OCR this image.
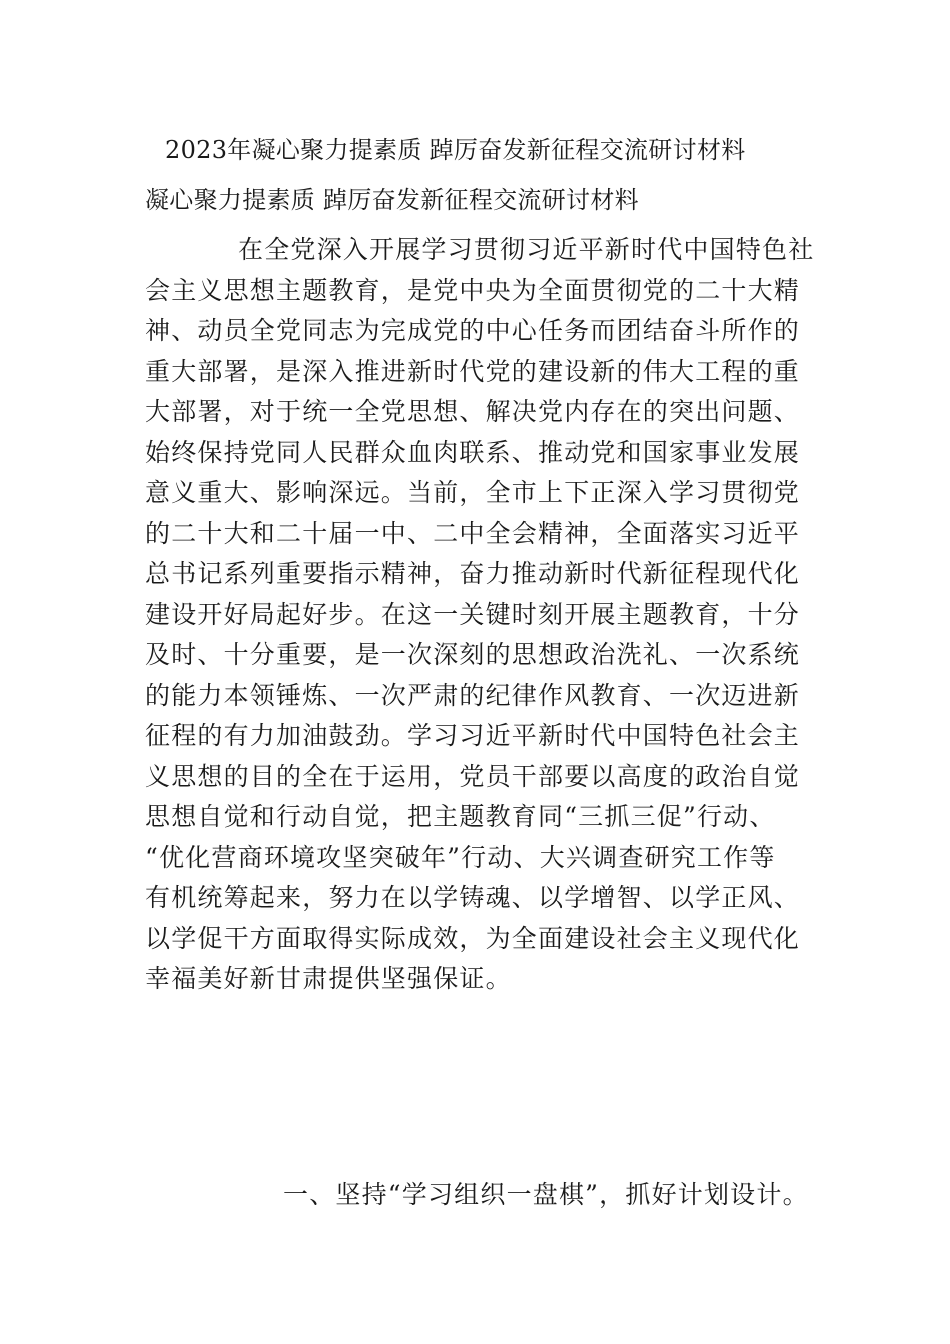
2023年凝心聚力提素质 踔厉奋发新征程交流研讨材料
凝心聚力提素质 踔厉奋发新征程交流研讨材料
在全党深入开展学习贯彻习近平新时代中国特色社
会主义思想主题教育，是党中央为全面贯彻党的二十大精
神、动员全党同志为完成党的中心任务而团结奋斗所作的
重大部署，是深入推进新时代党的建设新的伟大工程的重
大部署，对于统一全党思想、解决党内存在的突出问题、
始终保持党同人民群众血肉联系、推动党和国家事业发展
意义重大、影响深远。当前，全市上下正深入学习贯彻党
的二十大和二十届一中、二中全会精神，全面落实习近平
总书记系列重要指示精神，奋力推动新时代新征程现代化
建设开好局起好步。在这一关键时刻开展主题教育，十分
及时、十分重要，是一次深刻的思想政治洗礼、一次系统
的能力本领锤炼、一次严肃的纪律作风教育、一次迈进新
征程的有力加油鼓劲。学习习近平新时代中国特色社会主
义思想的目的全在于运用，党员干部要以高度的政治自觉
思想自觉和行动自觉，把主题教育同“三抓三促”行动、
“优化营商环境攻坚突破年”行动、大兴调查研究工作等
有机统筹起来，努力在以学铸魂、以学增智、以学正风、
以学促干方面取得实际成效，为全面建设社会主义现代化
幸福美好新甘肃提供坚强保证。
一、坚持“学习组织一盘棋”，抓好计划设计。
